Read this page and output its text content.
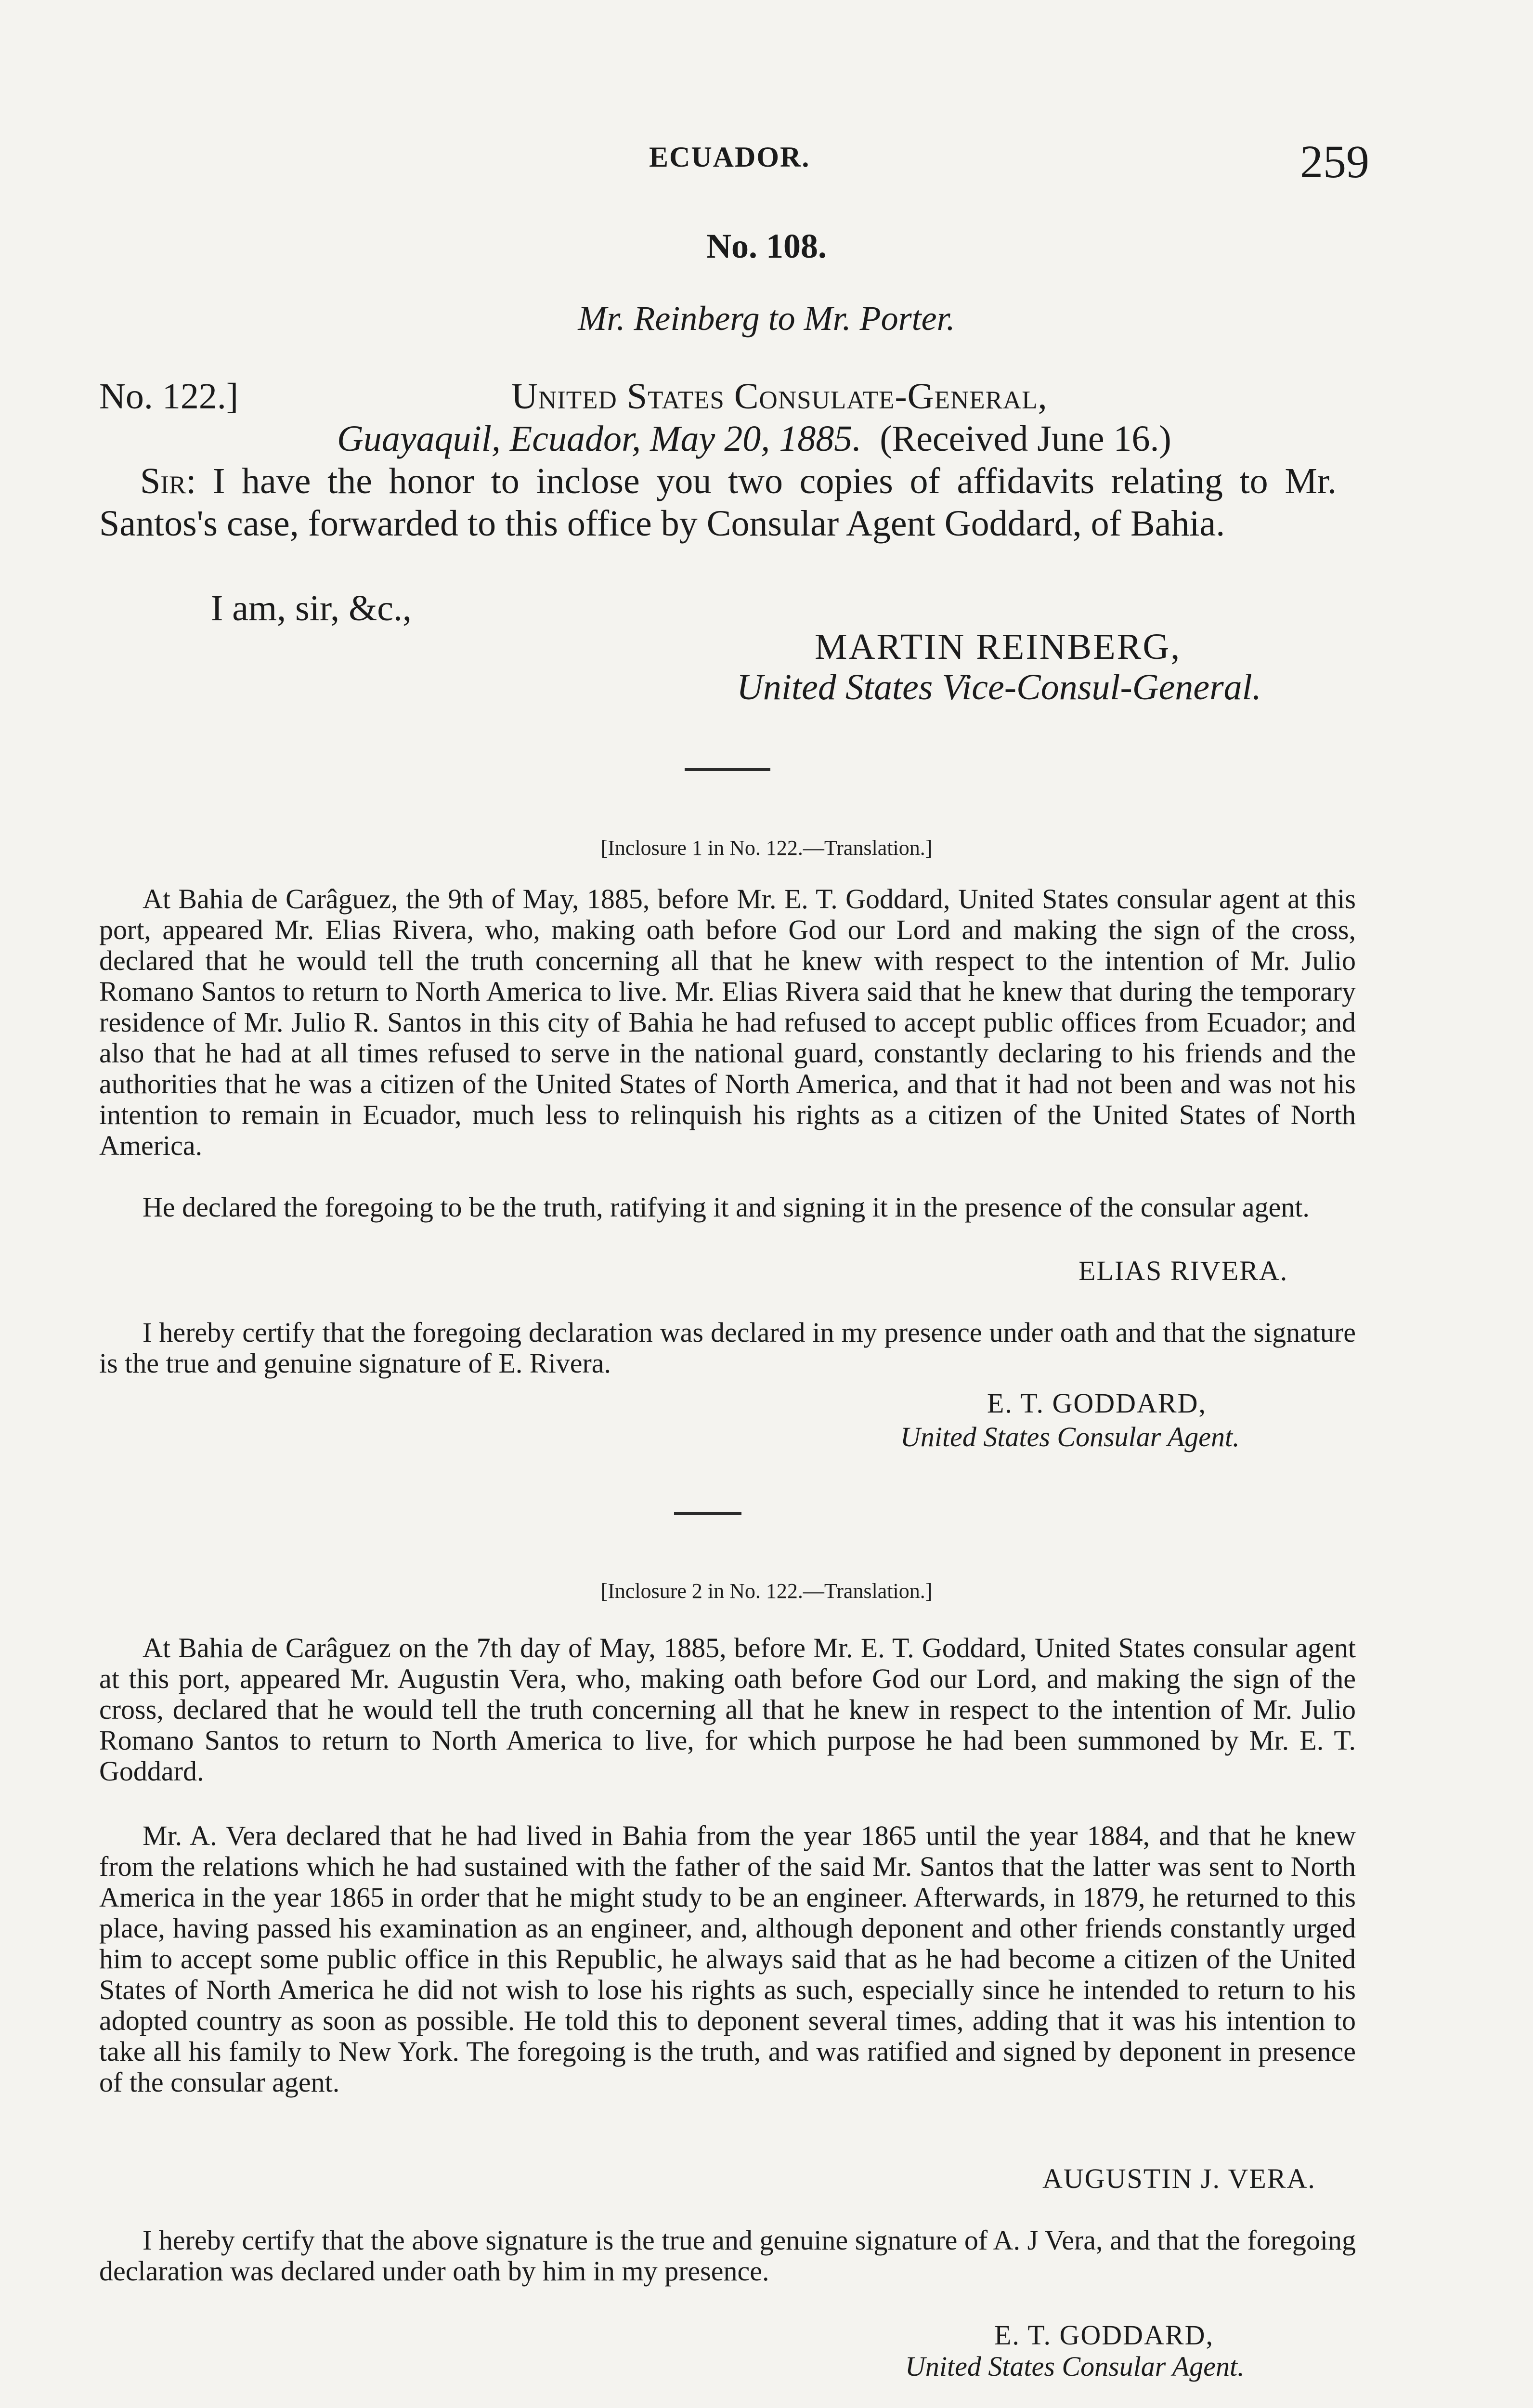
ECUADOR.	259
No. 108.
Mr. Reinberg to Mr. Porter.
No. 122.]	United States Consulate-General,
Guayaquil, Ecuador, May 20, 1885. (Received June 16.)
Sir: I have the honor to inclose you two copies of affidavits relating to Mr. Santos's case, forwarded to this office by Consular Agent Goddard, of Bahia.
I am, sir, &c.,
MARTIN REINBERG,
United States Vice-Consul-General.
[Inclosure 1 in No. 122.—Translation.]
At Bahia de Carâguez, the 9th of May, 1885, before Mr. E. T. Goddard, United States consular agent at this port, appeared Mr. Elias Rivera, who, making oath before God our Lord and making the sign of the cross, declared that he would tell the truth concerning all that he knew with respect to the intention of Mr. Julio Romano Santos to return to North America to live. Mr. Elias Rivera said that he knew that during the temporary residence of Mr. Julio R. Santos in this city of Bahia he had refused to accept public offices from Ecuador; and also that he had at all times refused to serve in the national guard, constantly declaring to his friends and the authorities that he was a citizen of the United States of North America, and that it had not been and was not his intention to remain in Ecuador, much less to relinquish his rights as a citizen of the United States of North America.
He declared the foregoing to be the truth, ratifying it and signing it in the presence of the consular agent.
ELIAS RIVERA.
I hereby certify that the foregoing declaration was declared in my presence under oath and that the signature is the true and genuine signature of E. Rivera.
E. T. GODDARD,
United States Consular Agent.
[Inclosure 2 in No. 122.—Translation.]
At Bahia de Carâguez on the 7th day of May, 1885, before Mr. E. T. Goddard, United States consular agent at this port, appeared Mr. Augustin Vera, who, making oath before God our Lord, and making the sign of the cross, declared that he would tell the truth concerning all that he knew in respect to the intention of Mr. Julio Romano Santos to return to North America to live, for which purpose he had been summoned by Mr. E. T. Goddard.
Mr. A. Vera declared that he had lived in Bahia from the year 1865 until the year 1884, and that he knew from the relations which he had sustained with the father of the said Mr. Santos that the latter was sent to North America in the year 1865 in order that he might study to be an engineer. Afterwards, in 1879, he returned to this place, having passed his examination as an engineer, and, although deponent and other friends constantly urged him to accept some public office in this Republic, he always said that as he had become a citizen of the United States of North America he did not wish to lose his rights as such, especially since he intended to return to his adopted country as soon as possible. He told this to deponent several times, adding that it was his intention to take all his family to New York. The foregoing is the truth, and was ratified and signed by deponent in presence of the consular agent.
AUGUSTIN J. VERA.
I hereby certify that the above signature is the true and genuine signature of A. J Vera, and that the foregoing declaration was declared under oath by him in my presence.
E. T. GODDARD,
United States Consular Agent.
